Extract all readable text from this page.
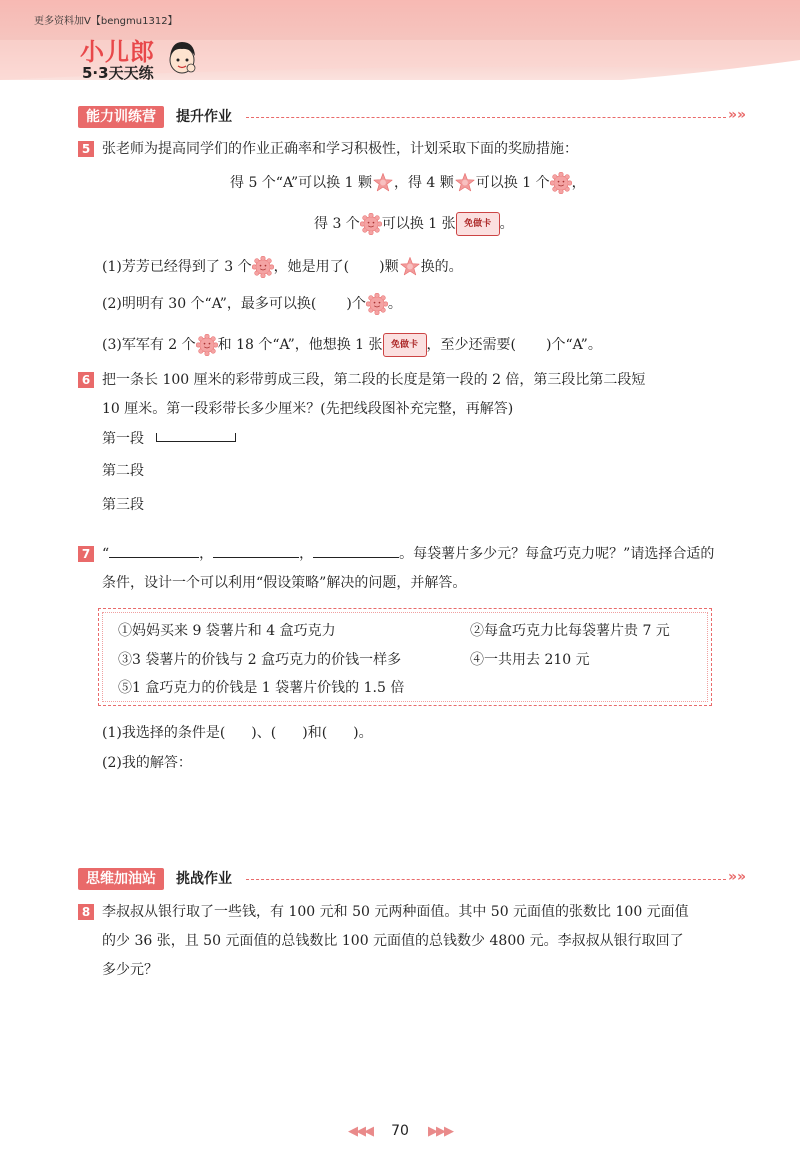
更多资料加V【bengmu1312】
小儿郎
5·3天天练
能力训练营	提升作业	»»
5 张老师为提高同学们的作业正确率和学习积极性，计划采取下面的奖励措施：
得 5 个“A”可以换 1 颗 ，得 4 颗 可以换 1 个 ，
得 3 个 可以换 1 张 免做卡 。
(1)芳芳已经得到了 3 个 ，她是用了( )颗 换的。
(2)明明有 30 个“A”，最多可以换( )个 。
(3)军军有 2 个 和 18 个“A”，他想换 1 张 免做卡 ，至少还需要( )个“A”。
6 把一条长 100 厘米的彩带剪成三段，第二段的长度是第一段的 2 倍，第三段比第二段短
10 厘米。第一段彩带长多少厘米？(先把线段图补充完整，再解答)
第一段
第二段
第三段
7 “	，	，	。每袋薯片多少元？每盒巧克力呢？”请选择合适的
条件，设计一个可以利用“假设策略”解决的问题，并解答。
①妈妈买来 9 袋薯片和 4 盒巧克力	②每盒巧克力比每袋薯片贵 7 元
③3 袋薯片的价钱与 2 盒巧克力的价钱一样多	④一共用去 210 元
⑤1 盒巧克力的价钱是 1 袋薯片价钱的 1.5 倍
(1)我选择的条件是( )、( )和( )。
(2)我的解答：
思维加油站	挑战作业	»»
8 李叔叔从银行取了一些钱，有 100 元和 50 元两种面值。其中 50 元面值的张数比 100 元面值
的少 36 张，且 50 元面值的总钱数比 100 元面值的总钱数少 4800 元。李叔叔从银行取回了
多少元？
◀◀◀ 70 ▶▶▶
